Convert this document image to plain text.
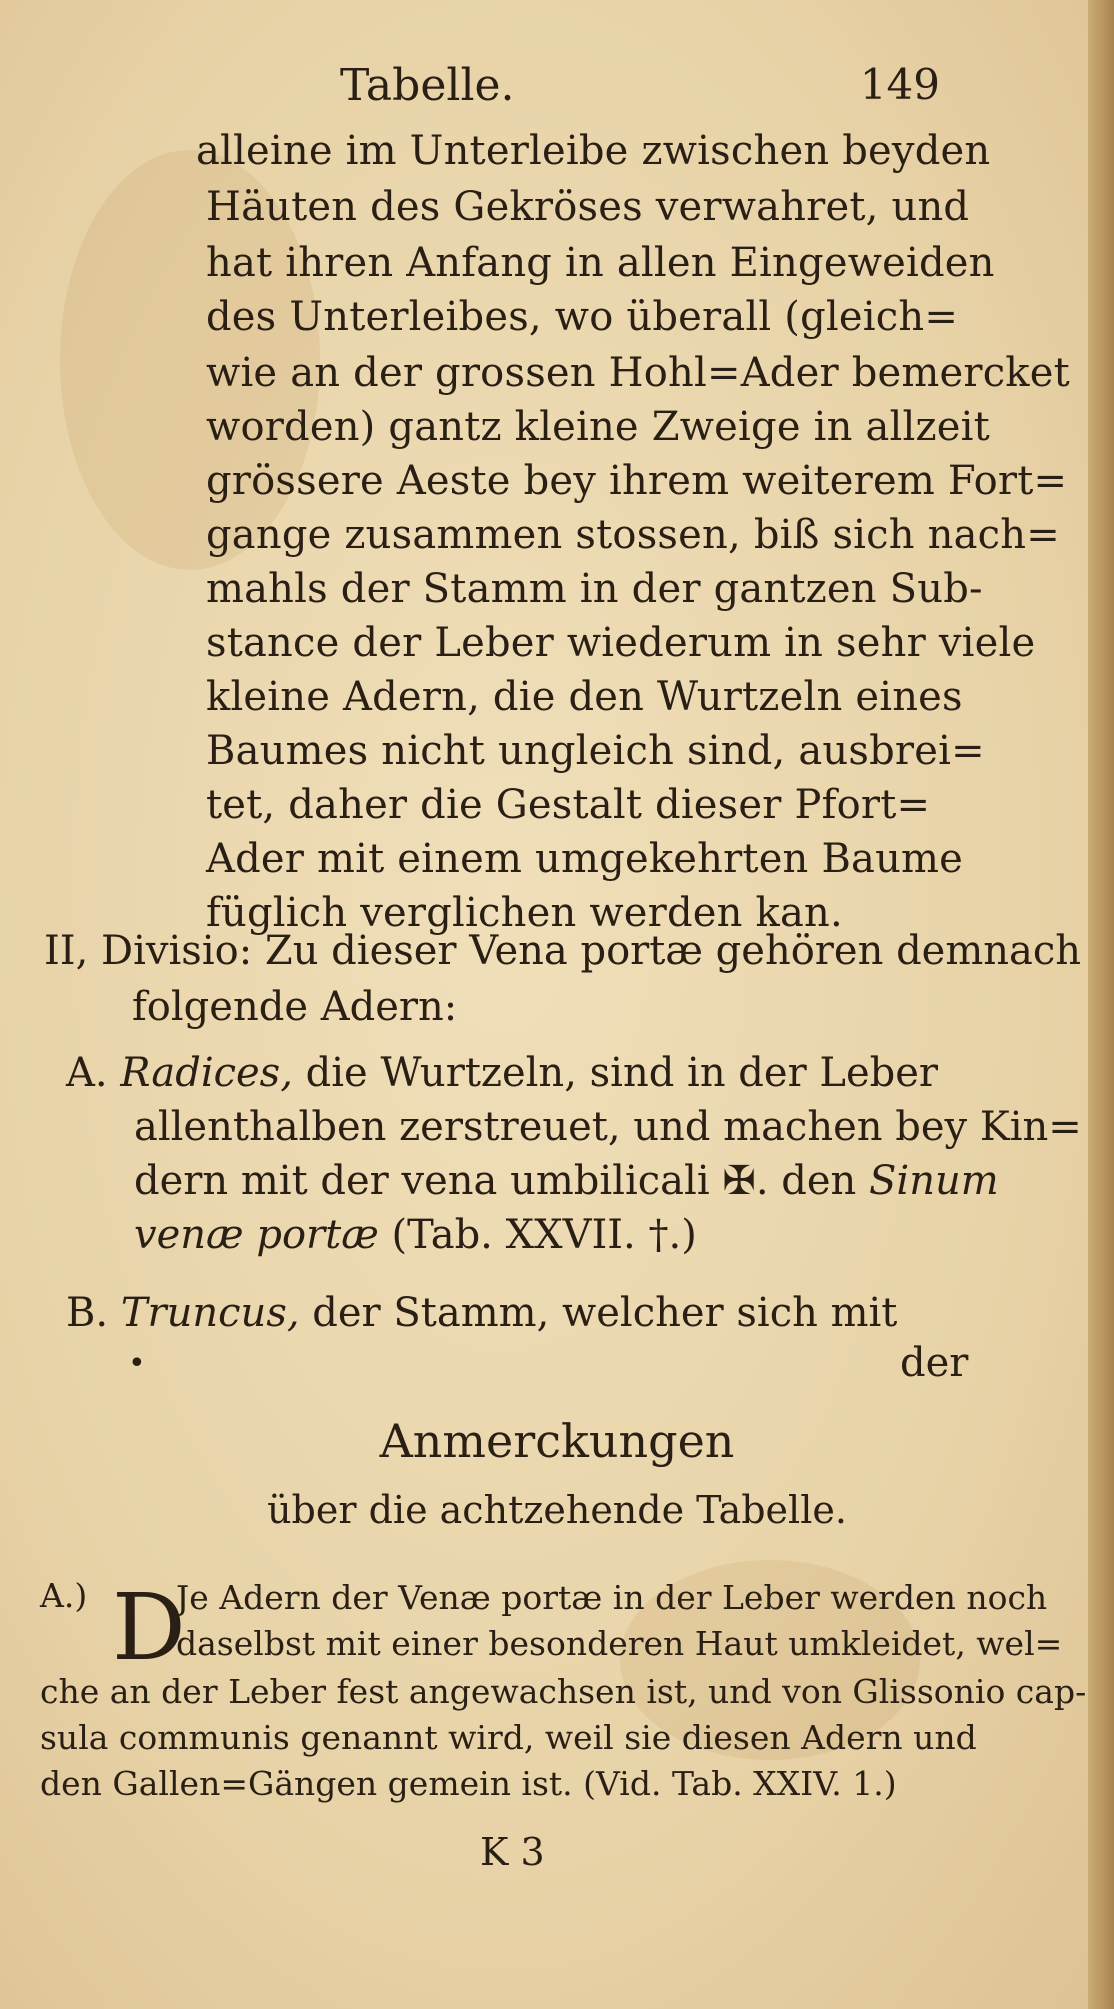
Tabelle.	149
alleine im Unterleibe zwischen beyden
Häuten des Gekröses verwahret, und
hat ihren Anfang in allen Eingeweiden
des Unterleibes, wo überall (gleich=
wie an der grossen Hohl=Ader bemercket
worden) gantz kleine Zweige in allzeit
grössere Aeste bey ihrem weiterem Fort=
gange zusammen stossen, biß sich nach=
mahls der Stamm in der gantzen Sub-
stance der Leber wiederum in sehr viele
kleine Adern, die den Wurtzeln eines
Baumes nicht ungleich sind, ausbrei=
tet, daher die Gestalt dieser Pfort=
Ader mit einem umgekehrten Baume
füglich verglichen werden kan.
II, Divisio: Zu dieser Vena portæ gehören demnach
folgende Adern:
A. Radices, die Wurtzeln, sind in der Leber
allenthalben zerstreuet, und machen bey Kin=
dern mit der vena umbilicali ✠. den Sinum
venæ portæ (Tab. XXVII. †.)
B. Truncus, der Stamm, welcher sich mit
der
•
Anmerckungen
über die achtzehende Tabelle.
A.) D
Je Adern der Venæ portæ in der Leber werden noch
daselbst mit einer besonderen Haut umkleidet, wel=
che an der Leber fest angewachsen ist, und von Glissonio cap-
sula communis genannt wird, weil sie diesen Adern und
den Gallen=Gängen gemein ist. (Vid. Tab. XXIV. 1.)
K 3
